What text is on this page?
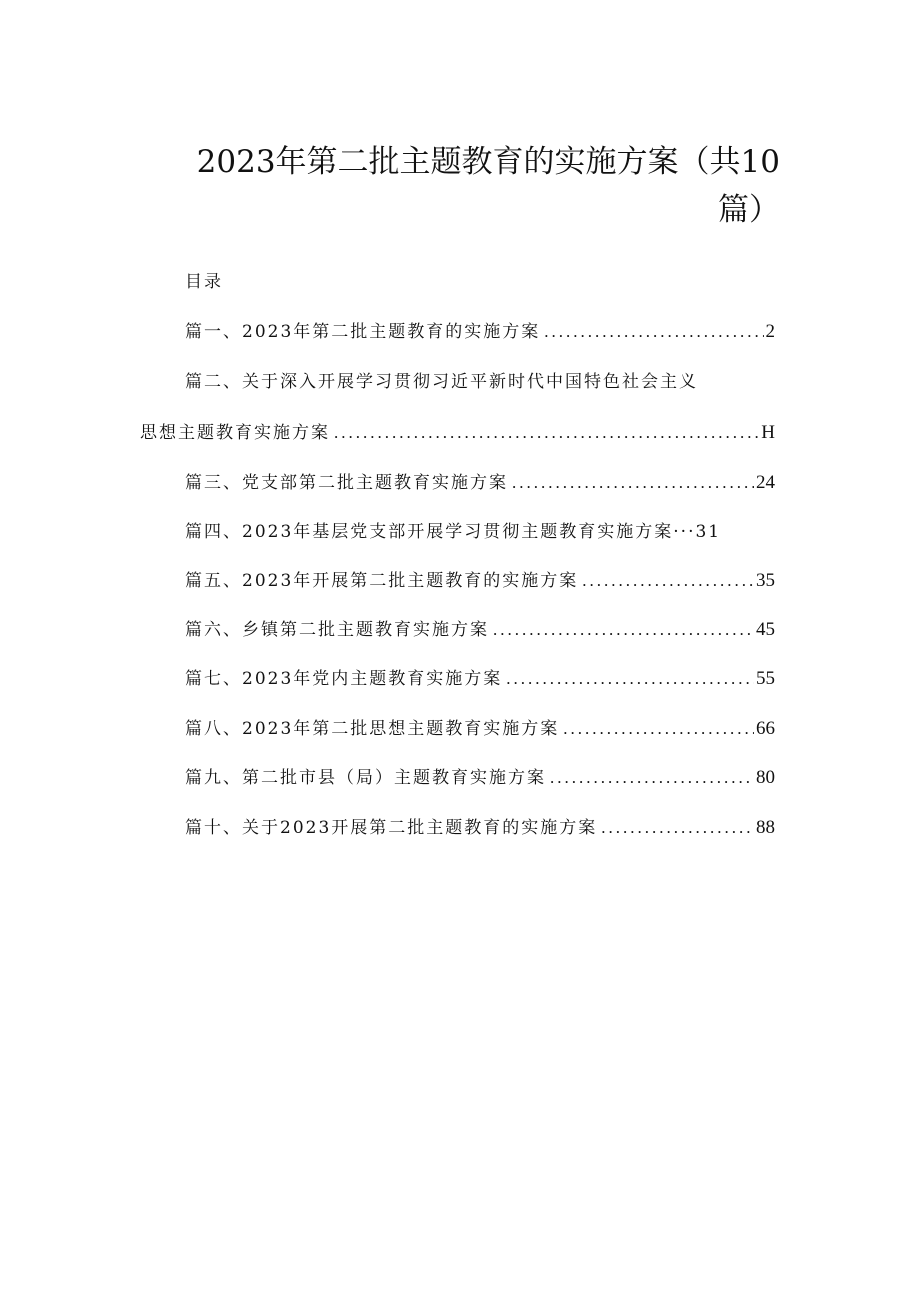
2023年第二批主题教育的实施方案（共10
篇）
目录
篇一、2023年第二批主题教育的实施方案 .....	2
篇二、关于深入开展学习贯彻习近平新时代中国特色社会主义
思想主题教育实施方案 .....	H
篇三、党支部第二批主题教育实施方案 .....	24
篇四、2023年基层党支部开展学习贯彻主题教育实施方案···31
篇五、2023年开展第二批主题教育的实施方案 .....	35
篇六、乡镇第二批主题教育实施方案 .....	45
篇七、2023年党内主题教育实施方案 .....	55
篇八、2023年第二批思想主题教育实施方案 .....	66
篇九、第二批市县（局）主题教育实施方案 .....	80
篇十、关于2023开展第二批主题教育的实施方案 .....	88
